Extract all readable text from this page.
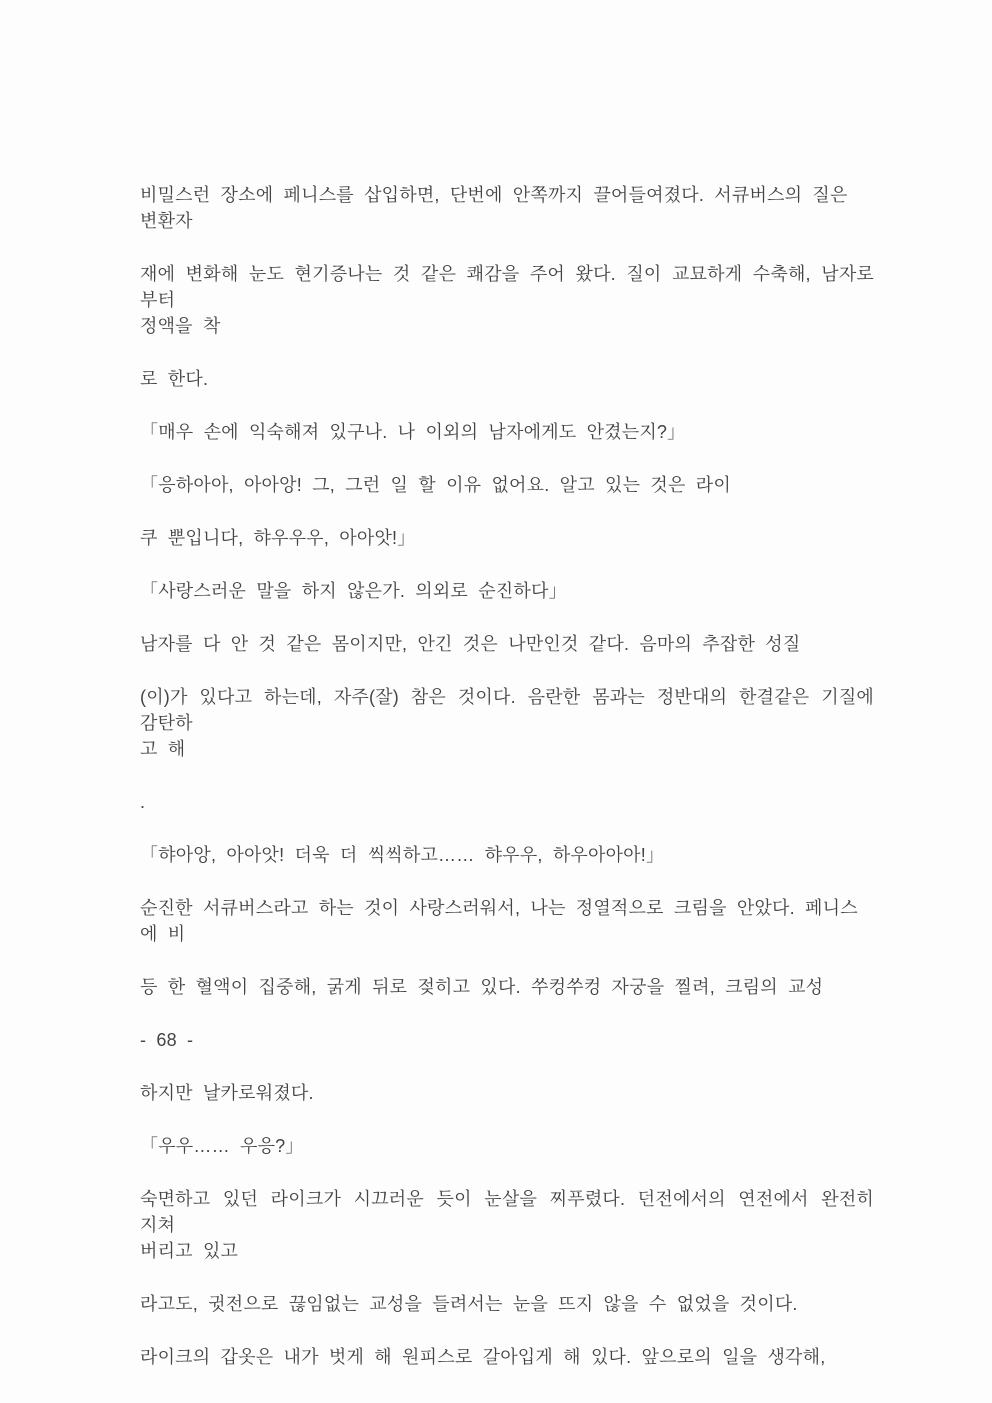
비밀스런 장소에 페니스를 삽입하면, 단번에 안쪽까지 끌어들여졌다. 서큐버스의 질은 변환자
재에 변화해 눈도 현기증나는 것 같은 쾌감을 주어 왔다. 질이 교묘하게 수축해, 남자로부터
정액을 착
로 한다.
「매우 손에 익숙해져 있구나. 나 이외의 남자에게도 안겼는지?」
「응하아아, 아아앙! 그, 그런 일 할 이유 없어요. 알고 있는 것은 라이
쿠 뿐입니다, 햐우우우, 아아앗!」
「사랑스러운 말을 하지 않은가. 의외로 순진하다」
남자를 다 안 것 같은 몸이지만, 안긴 것은 나만인것 같다. 음마의 추잡한 성질
(이)가 있다고 하는데, 자주(잘) 참은 것이다. 음란한 몸과는 정반대의 한결같은 기질에 감탄하
고 해
.
「햐아앙, 아아앗! 더욱 더 씩씩하고…… 햐우우, 하우아아아!」
순진한 서큐버스라고 하는 것이 사랑스러워서, 나는 정열적으로 크림을 안았다. 페니스에 비
등 한 혈액이 집중해, 굵게 뒤로 젖히고 있다. 쑤컹쑤컹 자궁을 찔려, 크림의 교성
- 68 -
하지만 날카로워졌다.
「우우…… 우응?」
숙면하고 있던 라이크가 시끄러운 듯이 눈살을 찌푸렸다. 던전에서의 연전에서 완전히 지쳐
버리고 있고
라고도, 귓전으로 끊임없는 교성을 들려서는 눈을 뜨지 않을 수 없었을 것이다.
라이크의 갑옷은 내가 벗게 해 원피스로 갈아입게 해 있다. 앞으로의 일을 생각해,
